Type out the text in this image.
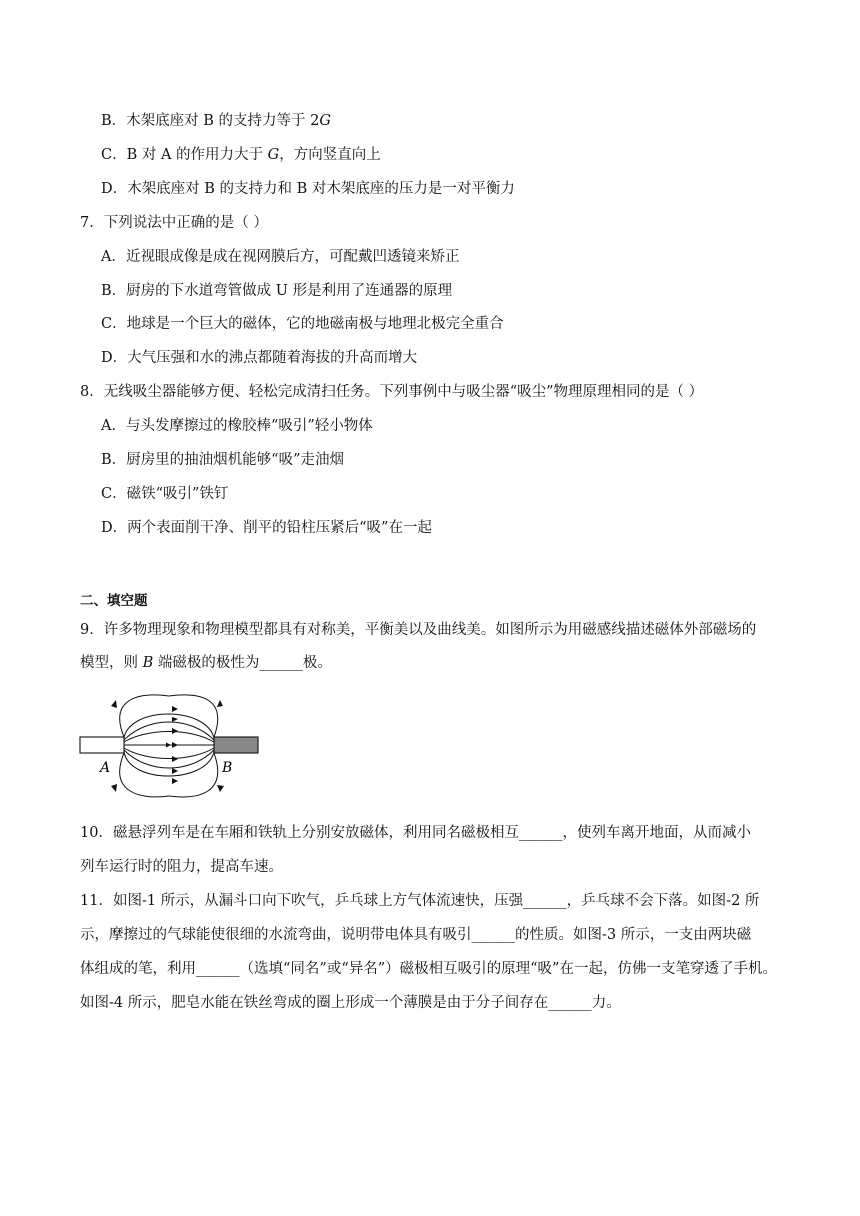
B．木架底座对 B 的支持力等于 2G
C．B 对 A 的作用力大于 G，方向竖直向上
D．木架底座对 B 的支持力和 B 对木架底座的压力是一对平衡力
7．下列说法中正确的是（ ）
A．近视眼成像是成在视网膜后方，可配戴凹透镜来矫正
B．厨房的下水道弯管做成 U 形是利用了连通器的原理
C．地球是一个巨大的磁体，它的地磁南极与地理北极完全重合
D．大气压强和水的沸点都随着海拔的升高而增大
8．无线吸尘器能够方便、轻松完成清扫任务。下列事例中与吸尘器“吸尘”物理原理相同的是（ ）
A．与头发摩擦过的橡胶棒“吸引”轻小物体
B．厨房里的抽油烟机能够“吸”走油烟
C．磁铁“吸引”铁钉
D．两个表面削干净、削平的铅柱压紧后“吸”在一起
二、填空题
9．许多物理现象和物理模型都具有对称美，平衡美以及曲线美。如图所示为用磁感线描述磁体外部磁场的
模型，则 B 端磁极的极性为______极。
A	B
10．磁悬浮列车是在车厢和铁轨上分别安放磁体，利用同名磁极相互______，使列车离开地面，从而减小
列车运行时的阻力，提高车速。
11．如图-1 所示，从漏斗口向下吹气，乒乓球上方气体流速快，压强______，乒乓球不会下落。如图-2 所
示，摩擦过的气球能使很细的水流弯曲，说明带电体具有吸引______的性质。如图-3 所示，一支由两块磁
体组成的笔，利用______（选填“同名”或“异名”）磁极相互吸引的原理“吸”在一起，仿佛一支笔穿透了手机。
如图-4 所示，肥皂水能在铁丝弯成的圈上形成一个薄膜是由于分子间存在______力。
